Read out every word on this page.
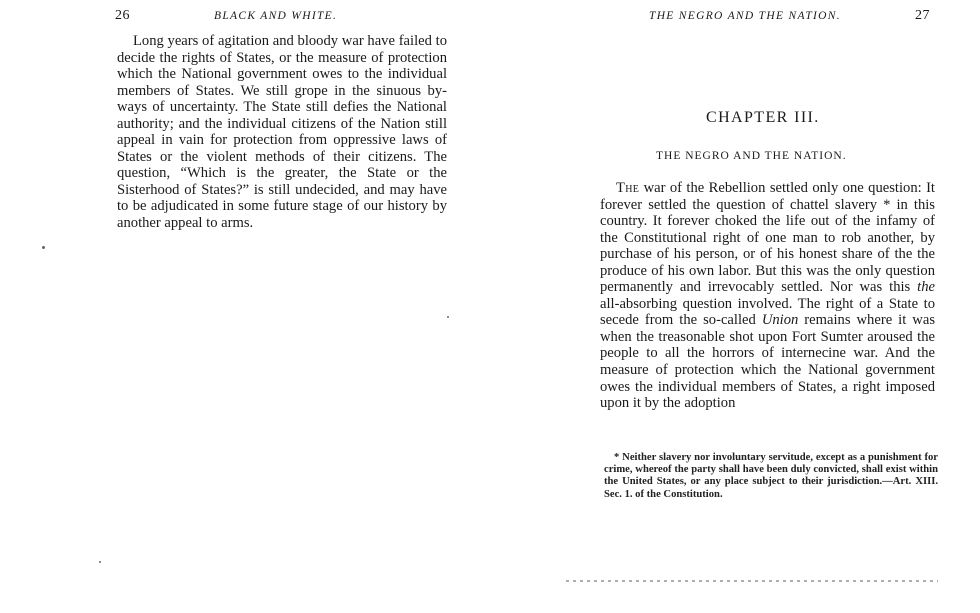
26	BLACK AND WHITE.

Long years of agitation and bloody war have failed to decide the rights of States, or the measure of protection which the National government owes to the individual members of States. We still grope in the sinuous by-ways of uncertainty. The State still defies the National authority; and the individual citizens of the Nation still appeal in vain for protection from oppressive laws of States or the violent methods of their citizens. The question, “Which is the greater, the State or the Sisterhood of States?” is still undecided, and may have to be adjudicated in some future stage of our history by another appeal to arms.

THE NEGRO AND THE NATION.	27

The war of the Rebellion settled only one question: It forever settled the question of chattel slavery * in this country. It forever choked the life out of the infamy of the Constitutional right of one man to rob another, by purchase of his person, or of his honest share of the the produce of his own labor. But this was the only question permanently and irrevocably settled. Nor was this the all-absorbing question involved. The right of a State to secede from the so-called Union remains where it was when the treasonable shot upon Fort Sumter aroused the people to all the horrors of internecine war. And the measure of protection which the National government owes the individual members of States, a right imposed upon it by the adoption

CHAPTER III.
THE NEGRO AND THE NATION.

* Neither slavery nor involuntary servitude, except as a punishment for crime, whereof the party shall have been duly convicted, shall exist within the United States, or any place subject to their jurisdiction.—Art. XIII. Sec. 1. of the Constitution.
